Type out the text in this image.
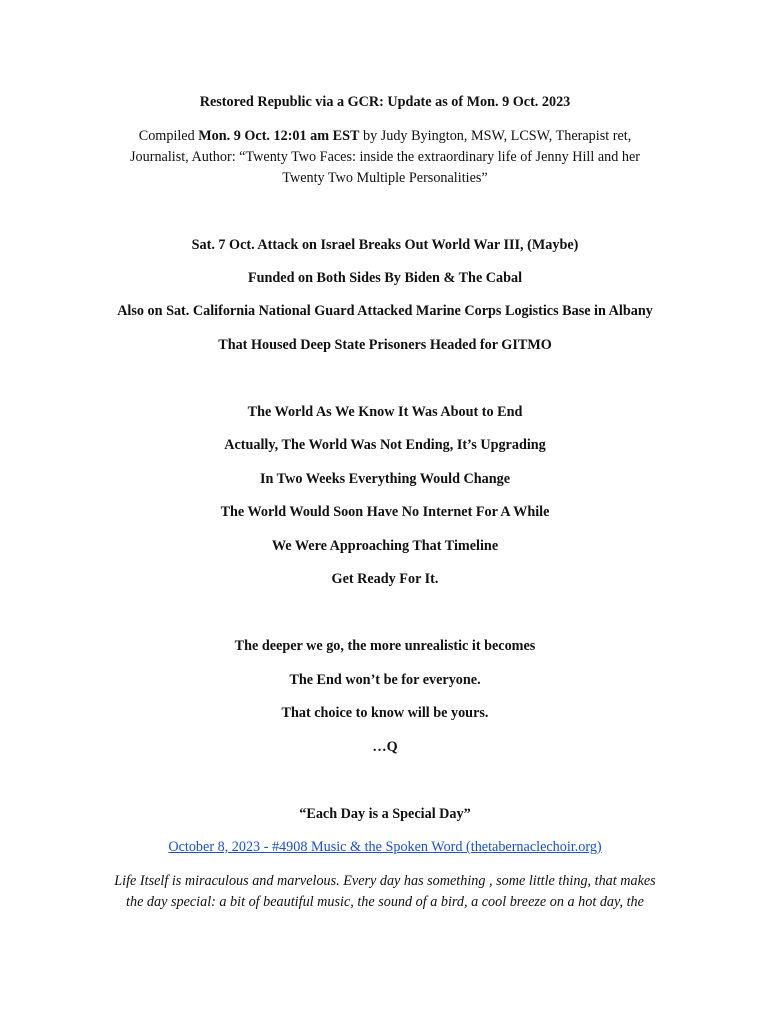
Restored Republic via a GCR: Update as of Mon. 9 Oct. 2023
Compiled Mon. 9 Oct. 12:01 am EST by Judy Byington, MSW, LCSW, Therapist ret,
Journalist, Author: “Twenty Two Faces: inside the extraordinary life of Jenny Hill and her
Twenty Two Multiple Personalities”
Sat. 7 Oct. Attack on Israel Breaks Out World War III, (Maybe)
Funded on Both Sides By Biden & The Cabal
Also on Sat. California National Guard Attacked Marine Corps Logistics Base in Albany
That Housed Deep State Prisoners Headed for GITMO
The World As We Know It Was About to End
Actually, The World Was Not Ending, It’s Upgrading
In Two Weeks Everything Would Change
The World Would Soon Have No Internet For A While
We Were Approaching That Timeline
Get Ready For It.
The deeper we go, the more unrealistic it becomes
The End won’t be for everyone.
That choice to know will be yours.
…Q
“Each Day is a Special Day”
October 8, 2023 - #4908 Music & the Spoken Word (thetabernaclechoir.org)
Life Itself is miraculous and marvelous. Every day has something , some little thing, that makes
the day special: a bit of beautiful music, the sound of a bird, a cool breeze on a hot day, the
